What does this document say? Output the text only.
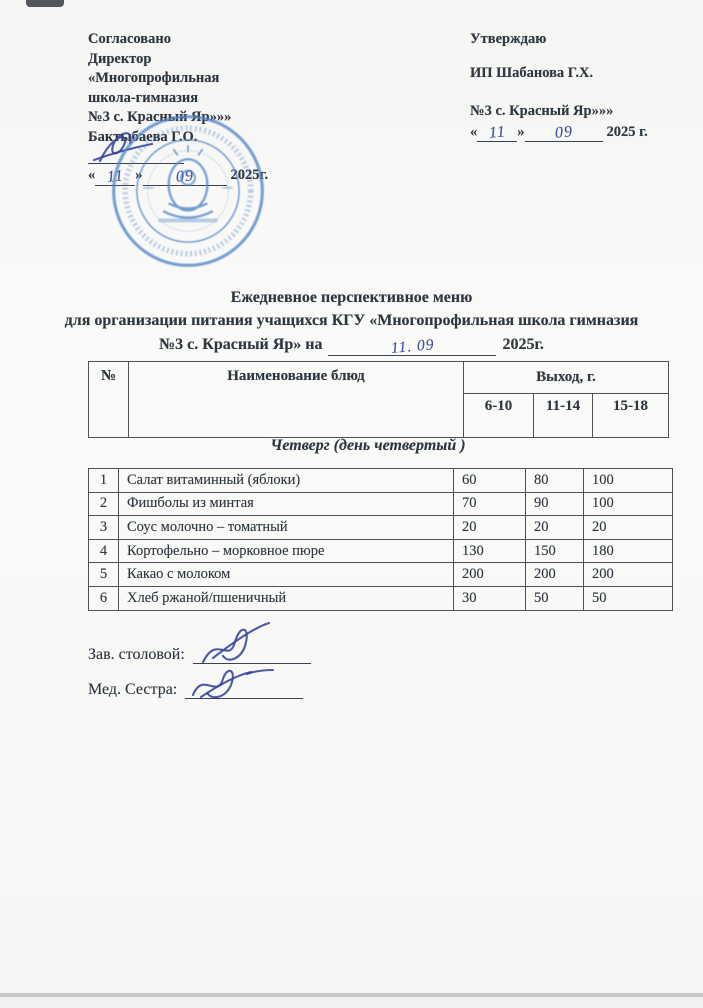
Согласовано
Директор
«Многопрофильная
школа-гимназия
№3 с. Красный Яр»»»
Бактыбаева Г.О.
« 11 »	09	2025г.
Ежедневное перспективное меню
для организации питания учащихся КГУ «Многопрофильная школа гимназия
№3 с. Красный Яр» на	11. 09	2025г.
Утверждаю
ИП Шабанова Г.Х.
№3 с. Красный Яр»»»
« 11 »	09	2025 г.
№	Наименование блюд	Выход, г.		
		6-10	11-14	15-18
Четверг (день четвертый )
1	Салат витаминный (яблоки)	60	80	100
2	Фишболы из минтая	70	90	100
3	Соус молочно – томатный	20	20	20
4	Кортофельно – морковное пюре	130	150	180
5	Какао с молоком	200	200	200
6	Хлеб ржаной/пшеничный	30	50	50
Зав. столовой:
Мед. Сестра:
